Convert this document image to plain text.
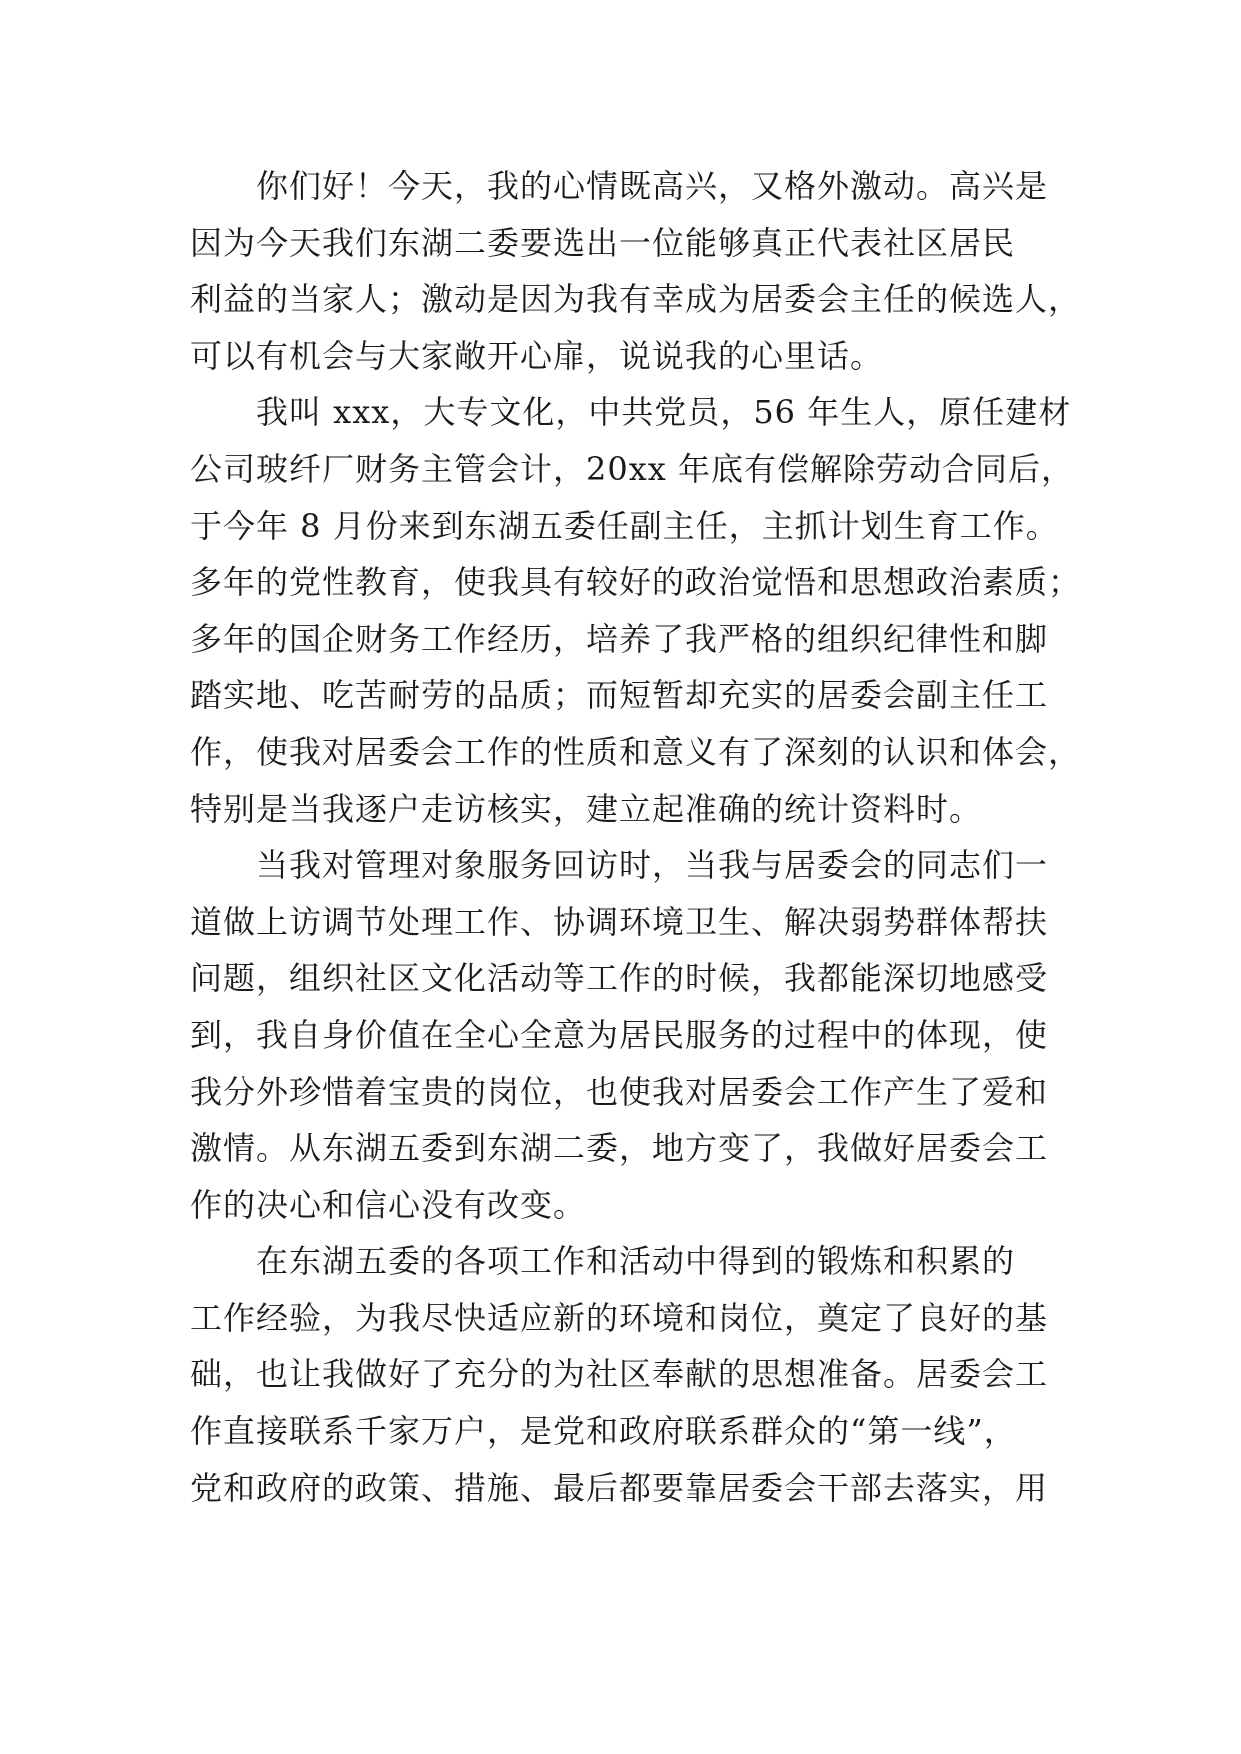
你们好！今天，我的心情既高兴，又格外激动。高兴是
因为今天我们东湖二委要选出一位能够真正代表社区居民
利益的当家人；激动是因为我有幸成为居委会主任的候选人，
可以有机会与大家敞开心扉，说说我的心里话。
我叫 xxx，大专文化，中共党员，56 年生人，原任建材
公司玻纤厂财务主管会计，20xx 年底有偿解除劳动合同后，
于今年 8 月份来到东湖五委任副主任，主抓计划生育工作。
多年的党性教育，使我具有较好的政治觉悟和思想政治素质；
多年的国企财务工作经历，培养了我严格的组织纪律性和脚
踏实地、吃苦耐劳的品质；而短暂却充实的居委会副主任工
作，使我对居委会工作的性质和意义有了深刻的认识和体会，
特别是当我逐户走访核实，建立起准确的统计资料时。
当我对管理对象服务回访时，当我与居委会的同志们一
道做上访调节处理工作、协调环境卫生、解决弱势群体帮扶
问题，组织社区文化活动等工作的时候，我都能深切地感受
到，我自身价值在全心全意为居民服务的过程中的体现，使
我分外珍惜着宝贵的岗位，也使我对居委会工作产生了爱和
激情。从东湖五委到东湖二委，地方变了，我做好居委会工
作的决心和信心没有改变。
在东湖五委的各项工作和活动中得到的锻炼和积累的
工作经验，为我尽快适应新的环境和岗位，奠定了良好的基
础，也让我做好了充分的为社区奉献的思想准备。居委会工
作直接联系千家万户，是党和政府联系群众的“第一线”，
党和政府的政策、措施、最后都要靠居委会干部去落实，用
